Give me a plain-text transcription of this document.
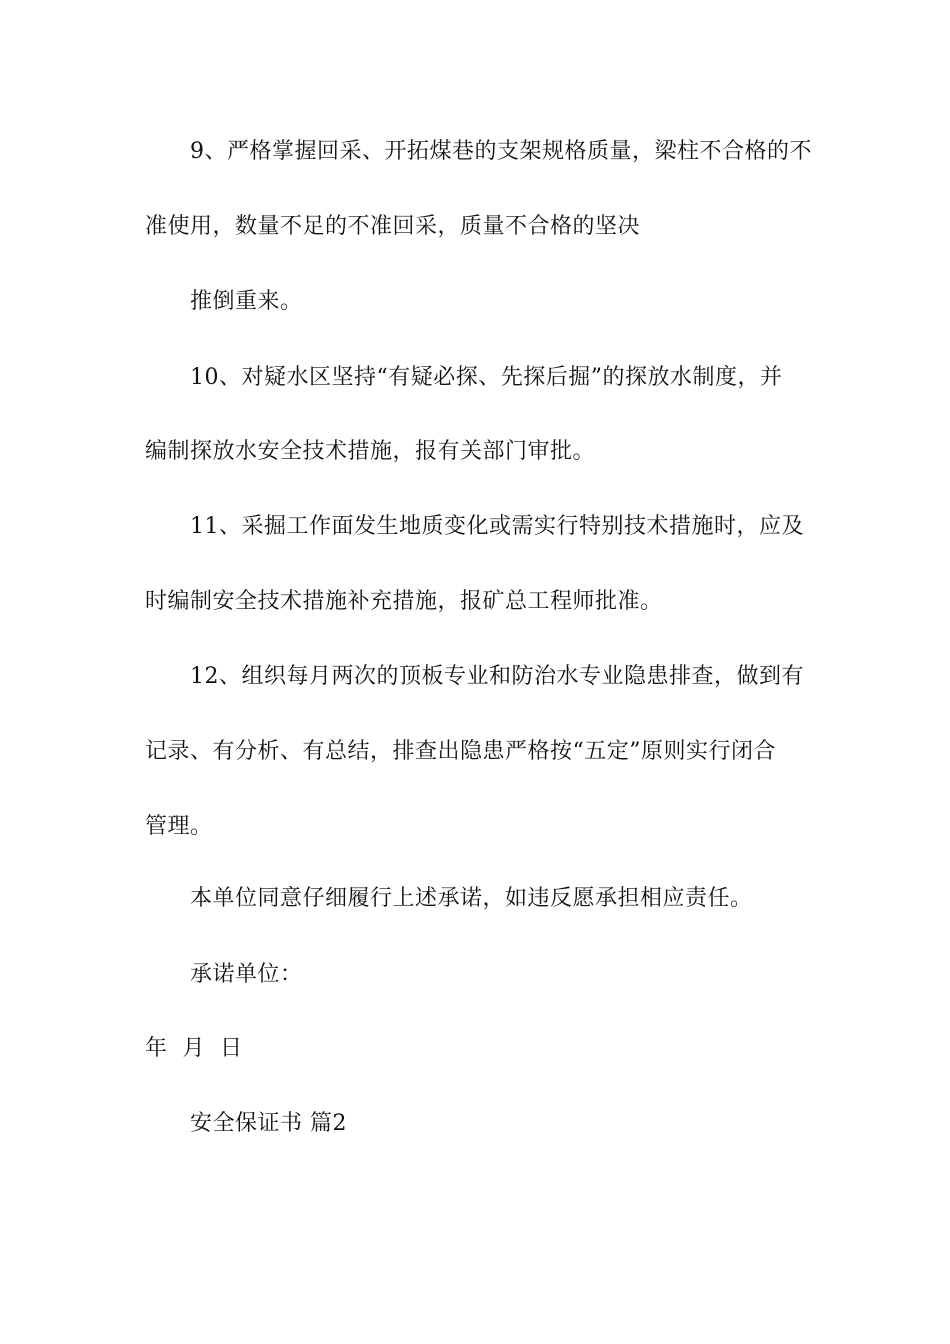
9、严格掌握回采、开拓煤巷的支架规格质量，梁柱不合格的不
准使用，数量不足的不准回采，质量不合格的坚决
推倒重来。
10、对疑水区坚持“有疑必探、先探后掘”的探放水制度，并
编制探放水安全技术措施，报有关部门审批。
11、采掘工作面发生地质变化或需实行特别技术措施时，应及
时编制安全技术措施补充措施，报矿总工程师批准。
12、组织每月两次的顶板专业和防治水专业隐患排查，做到有
记录、有分析、有总结，排查出隐患严格按“五定”原则实行闭合
管理。
本单位同意仔细履行上述承诺，如违反愿承担相应责任。
承诺单位：
年  月  日
安全保证书 篇2
